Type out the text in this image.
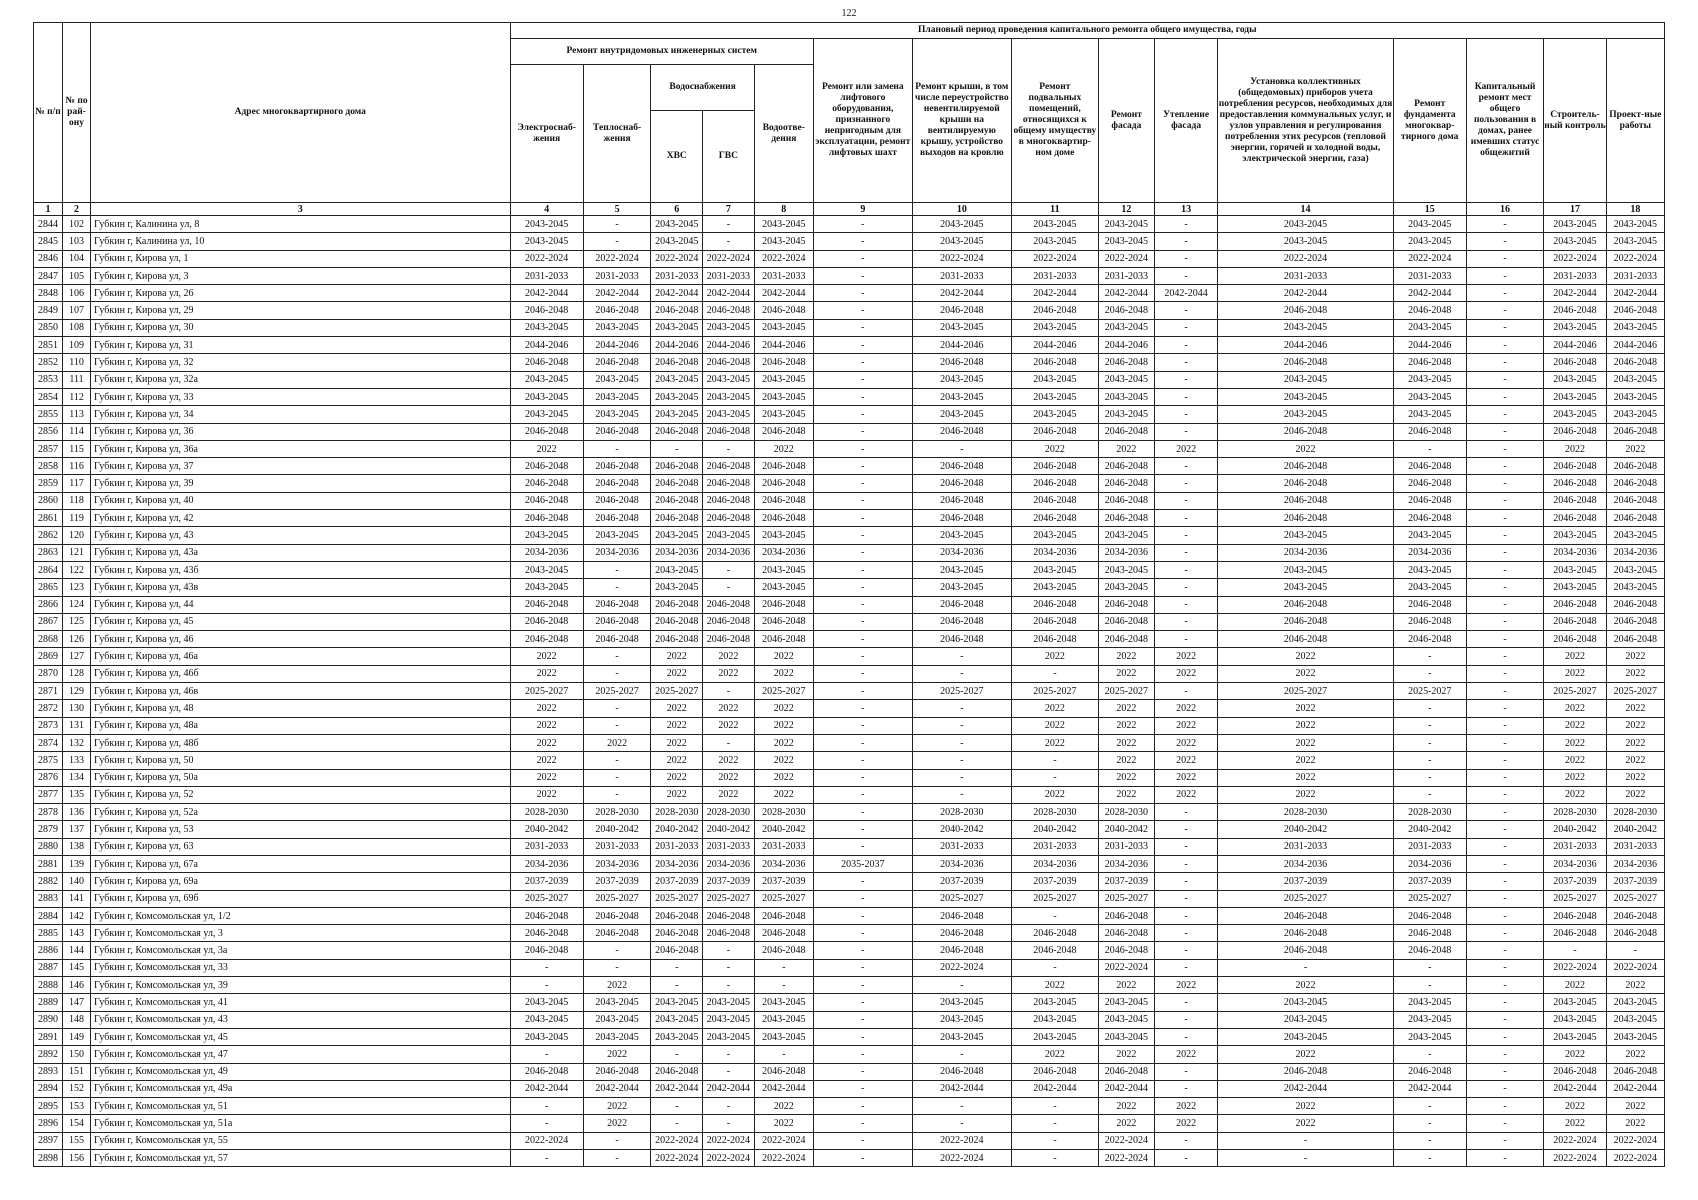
122
№ п/п	№ по рай-ону	Адрес многоквартирного дома	Плановый период проведения капитального ремонта общего имущества, годы														
			Ремонт внутридомовых инженерных систем					Ремонт или замена лифтового оборудования, признанного непригодным для эксплуатации, ремонт лифтовых шахт	Ремонт крыши, в том числе переустройство невентилируемой крыши на вентилируемую крышу, устройство выходов на кровлю	Ремонт подвальных помещений, относящихся к общему имуществу в многоквартир-ном доме	Ремонт фасада	Утепление фасада	Установка коллективных (общедомовых) приборов учета потребления ресурсов, необходимых для предоставления коммунальных услуг, и узлов управления и регулирования потребления этих ресурсов (тепловой энергии, горячей и холодной воды, электрической энергии, газа)	Ремонт фундамента многоквар-тирного дома	Капитальный ремонт мест общего пользования в домах, ранее имевших статус общежитий	Строитель-ный контроль	Проект-ные работы
			Электроснаб-жения	Теплоснаб-жения	Водоснабжения		Водоотве-дения										
					ХВС	ГВС											
1	2	3	4	5	6	7	8	9	10	11	12	13	14	15	16	17	18
2844	102	Губкин г, Калинина ул, 8	2043-2045	-	2043-2045	-	2043-2045	-	2043-2045	2043-2045	2043-2045	-	2043-2045	2043-2045	-	2043-2045	2043-2045
2845	103	Губкин г, Калинина ул, 10	2043-2045	-	2043-2045	-	2043-2045	-	2043-2045	2043-2045	2043-2045	-	2043-2045	2043-2045	-	2043-2045	2043-2045
2846	104	Губкин г, Кирова ул, 1	2022-2024	2022-2024	2022-2024	2022-2024	2022-2024	-	2022-2024	2022-2024	2022-2024	-	2022-2024	2022-2024	-	2022-2024	2022-2024
2847	105	Губкин г, Кирова ул, 3	2031-2033	2031-2033	2031-2033	2031-2033	2031-2033	-	2031-2033	2031-2033	2031-2033	-	2031-2033	2031-2033	-	2031-2033	2031-2033
2848	106	Губкин г, Кирова ул, 26	2042-2044	2042-2044	2042-2044	2042-2044	2042-2044	-	2042-2044	2042-2044	2042-2044	2042-2044	2042-2044	2042-2044	-	2042-2044	2042-2044
2849	107	Губкин г, Кирова ул, 29	2046-2048	2046-2048	2046-2048	2046-2048	2046-2048	-	2046-2048	2046-2048	2046-2048	-	2046-2048	2046-2048	-	2046-2048	2046-2048
2850	108	Губкин г, Кирова ул, 30	2043-2045	2043-2045	2043-2045	2043-2045	2043-2045	-	2043-2045	2043-2045	2043-2045	-	2043-2045	2043-2045	-	2043-2045	2043-2045
2851	109	Губкин г, Кирова ул, 31	2044-2046	2044-2046	2044-2046	2044-2046	2044-2046	-	2044-2046	2044-2046	2044-2046	-	2044-2046	2044-2046	-	2044-2046	2044-2046
2852	110	Губкин г, Кирова ул, 32	2046-2048	2046-2048	2046-2048	2046-2048	2046-2048	-	2046-2048	2046-2048	2046-2048	-	2046-2048	2046-2048	-	2046-2048	2046-2048
2853	111	Губкин г, Кирова ул, 32а	2043-2045	2043-2045	2043-2045	2043-2045	2043-2045	-	2043-2045	2043-2045	2043-2045	-	2043-2045	2043-2045	-	2043-2045	2043-2045
2854	112	Губкин г, Кирова ул, 33	2043-2045	2043-2045	2043-2045	2043-2045	2043-2045	-	2043-2045	2043-2045	2043-2045	-	2043-2045	2043-2045	-	2043-2045	2043-2045
2855	113	Губкин г, Кирова ул, 34	2043-2045	2043-2045	2043-2045	2043-2045	2043-2045	-	2043-2045	2043-2045	2043-2045	-	2043-2045	2043-2045	-	2043-2045	2043-2045
2856	114	Губкин г, Кирова ул, 36	2046-2048	2046-2048	2046-2048	2046-2048	2046-2048	-	2046-2048	2046-2048	2046-2048	-	2046-2048	2046-2048	-	2046-2048	2046-2048
2857	115	Губкин г, Кирова ул, 36а	2022	-	-	-	2022	-	-	2022	2022	2022	2022	-	-	2022	2022
2858	116	Губкин г, Кирова ул, 37	2046-2048	2046-2048	2046-2048	2046-2048	2046-2048	-	2046-2048	2046-2048	2046-2048	-	2046-2048	2046-2048	-	2046-2048	2046-2048
2859	117	Губкин г, Кирова ул, 39	2046-2048	2046-2048	2046-2048	2046-2048	2046-2048	-	2046-2048	2046-2048	2046-2048	-	2046-2048	2046-2048	-	2046-2048	2046-2048
2860	118	Губкин г, Кирова ул, 40	2046-2048	2046-2048	2046-2048	2046-2048	2046-2048	-	2046-2048	2046-2048	2046-2048	-	2046-2048	2046-2048	-	2046-2048	2046-2048
2861	119	Губкин г, Кирова ул, 42	2046-2048	2046-2048	2046-2048	2046-2048	2046-2048	-	2046-2048	2046-2048	2046-2048	-	2046-2048	2046-2048	-	2046-2048	2046-2048
2862	120	Губкин г, Кирова ул, 43	2043-2045	2043-2045	2043-2045	2043-2045	2043-2045	-	2043-2045	2043-2045	2043-2045	-	2043-2045	2043-2045	-	2043-2045	2043-2045
2863	121	Губкин г, Кирова ул, 43а	2034-2036	2034-2036	2034-2036	2034-2036	2034-2036	-	2034-2036	2034-2036	2034-2036	-	2034-2036	2034-2036	-	2034-2036	2034-2036
2864	122	Губкин г, Кирова ул, 43б	2043-2045	-	2043-2045	-	2043-2045	-	2043-2045	2043-2045	2043-2045	-	2043-2045	2043-2045	-	2043-2045	2043-2045
2865	123	Губкин г, Кирова ул, 43в	2043-2045	-	2043-2045	-	2043-2045	-	2043-2045	2043-2045	2043-2045	-	2043-2045	2043-2045	-	2043-2045	2043-2045
2866	124	Губкин г, Кирова ул, 44	2046-2048	2046-2048	2046-2048	2046-2048	2046-2048	-	2046-2048	2046-2048	2046-2048	-	2046-2048	2046-2048	-	2046-2048	2046-2048
2867	125	Губкин г, Кирова ул, 45	2046-2048	2046-2048	2046-2048	2046-2048	2046-2048	-	2046-2048	2046-2048	2046-2048	-	2046-2048	2046-2048	-	2046-2048	2046-2048
2868	126	Губкин г, Кирова ул, 46	2046-2048	2046-2048	2046-2048	2046-2048	2046-2048	-	2046-2048	2046-2048	2046-2048	-	2046-2048	2046-2048	-	2046-2048	2046-2048
2869	127	Губкин г, Кирова ул, 46а	2022	-	2022	2022	2022	-	-	2022	2022	2022	2022	-	-	2022	2022
2870	128	Губкин г, Кирова ул, 46б	2022	-	2022	2022	2022	-	-	-	2022	2022	2022	-	-	2022	2022
2871	129	Губкин г, Кирова ул, 46в	2025-2027	2025-2027	2025-2027	-	2025-2027	-	2025-2027	2025-2027	2025-2027	-	2025-2027	2025-2027	-	2025-2027	2025-2027
2872	130	Губкин г, Кирова ул, 48	2022	-	2022	2022	2022	-	-	2022	2022	2022	2022	-	-	2022	2022
2873	131	Губкин г, Кирова ул, 48а	2022	-	2022	2022	2022	-	-	2022	2022	2022	2022	-	-	2022	2022
2874	132	Губкин г, Кирова ул, 48б	2022	2022	2022	-	2022	-	-	2022	2022	2022	2022	-	-	2022	2022
2875	133	Губкин г, Кирова ул, 50	2022	-	2022	2022	2022	-	-	-	2022	2022	2022	-	-	2022	2022
2876	134	Губкин г, Кирова ул, 50а	2022	-	2022	2022	2022	-	-	-	2022	2022	2022	-	-	2022	2022
2877	135	Губкин г, Кирова ул, 52	2022	-	2022	2022	2022	-	-	2022	2022	2022	2022	-	-	2022	2022
2878	136	Губкин г, Кирова ул, 52а	2028-2030	2028-2030	2028-2030	2028-2030	2028-2030	-	2028-2030	2028-2030	2028-2030	-	2028-2030	2028-2030	-	2028-2030	2028-2030
2879	137	Губкин г, Кирова ул, 53	2040-2042	2040-2042	2040-2042	2040-2042	2040-2042	-	2040-2042	2040-2042	2040-2042	-	2040-2042	2040-2042	-	2040-2042	2040-2042
2880	138	Губкин г, Кирова ул, 63	2031-2033	2031-2033	2031-2033	2031-2033	2031-2033	-	2031-2033	2031-2033	2031-2033	-	2031-2033	2031-2033	-	2031-2033	2031-2033
2881	139	Губкин г, Кирова ул, 67а	2034-2036	2034-2036	2034-2036	2034-2036	2034-2036	2035-2037	2034-2036	2034-2036	2034-2036	-	2034-2036	2034-2036	-	2034-2036	2034-2036
2882	140	Губкин г, Кирова ул, 69а	2037-2039	2037-2039	2037-2039	2037-2039	2037-2039	-	2037-2039	2037-2039	2037-2039	-	2037-2039	2037-2039	-	2037-2039	2037-2039
2883	141	Губкин г, Кирова ул, 69б	2025-2027	2025-2027	2025-2027	2025-2027	2025-2027	-	2025-2027	2025-2027	2025-2027	-	2025-2027	2025-2027	-	2025-2027	2025-2027
2884	142	Губкин г, Комсомольская ул, 1/2	2046-2048	2046-2048	2046-2048	2046-2048	2046-2048	-	2046-2048	-	2046-2048	-	2046-2048	2046-2048	-	2046-2048	2046-2048
2885	143	Губкин г, Комсомольская ул, 3	2046-2048	2046-2048	2046-2048	2046-2048	2046-2048	-	2046-2048	2046-2048	2046-2048	-	2046-2048	2046-2048	-	2046-2048	2046-2048
2886	144	Губкин г, Комсомольская ул, 3а	2046-2048	-	2046-2048	-	2046-2048	-	2046-2048	2046-2048	2046-2048	-	2046-2048	2046-2048	-	-	-
2887	145	Губкин г, Комсомольская ул, 33	-	-	-	-	-	-	2022-2024	-	2022-2024	-	-	-	-	2022-2024	2022-2024
2888	146	Губкин г, Комсомольская ул, 39	-	2022	-	-	-	-	-	2022	2022	2022	2022	-	-	2022	2022
2889	147	Губкин г, Комсомольская ул, 41	2043-2045	2043-2045	2043-2045	2043-2045	2043-2045	-	2043-2045	2043-2045	2043-2045	-	2043-2045	2043-2045	-	2043-2045	2043-2045
2890	148	Губкин г, Комсомольская ул, 43	2043-2045	2043-2045	2043-2045	2043-2045	2043-2045	-	2043-2045	2043-2045	2043-2045	-	2043-2045	2043-2045	-	2043-2045	2043-2045
2891	149	Губкин г, Комсомольская ул, 45	2043-2045	2043-2045	2043-2045	2043-2045	2043-2045	-	2043-2045	2043-2045	2043-2045	-	2043-2045	2043-2045	-	2043-2045	2043-2045
2892	150	Губкин г, Комсомольская ул, 47	-	2022	-	-	-	-	-	2022	2022	2022	2022	-	-	2022	2022
2893	151	Губкин г, Комсомольская ул, 49	2046-2048	2046-2048	2046-2048	-	2046-2048	-	2046-2048	2046-2048	2046-2048	-	2046-2048	2046-2048	-	2046-2048	2046-2048
2894	152	Губкин г, Комсомольская ул, 49а	2042-2044	2042-2044	2042-2044	2042-2044	2042-2044	-	2042-2044	2042-2044	2042-2044	-	2042-2044	2042-2044	-	2042-2044	2042-2044
2895	153	Губкин г, Комсомольская ул, 51	-	2022	-	-	2022	-	-	-	2022	2022	2022	-	-	2022	2022
2896	154	Губкин г, Комсомольская ул, 51а	-	2022	-	-	2022	-	-	-	2022	2022	2022	-	-	2022	2022
2897	155	Губкин г, Комсомольская ул, 55	2022-2024	-	2022-2024	2022-2024	2022-2024	-	2022-2024	-	2022-2024	-	-	-	-	2022-2024	2022-2024
2898	156	Губкин г, Комсомольская ул, 57	-	-	2022-2024	2022-2024	2022-2024	-	2022-2024	-	2022-2024	-	-	-	-	2022-2024	2022-2024
